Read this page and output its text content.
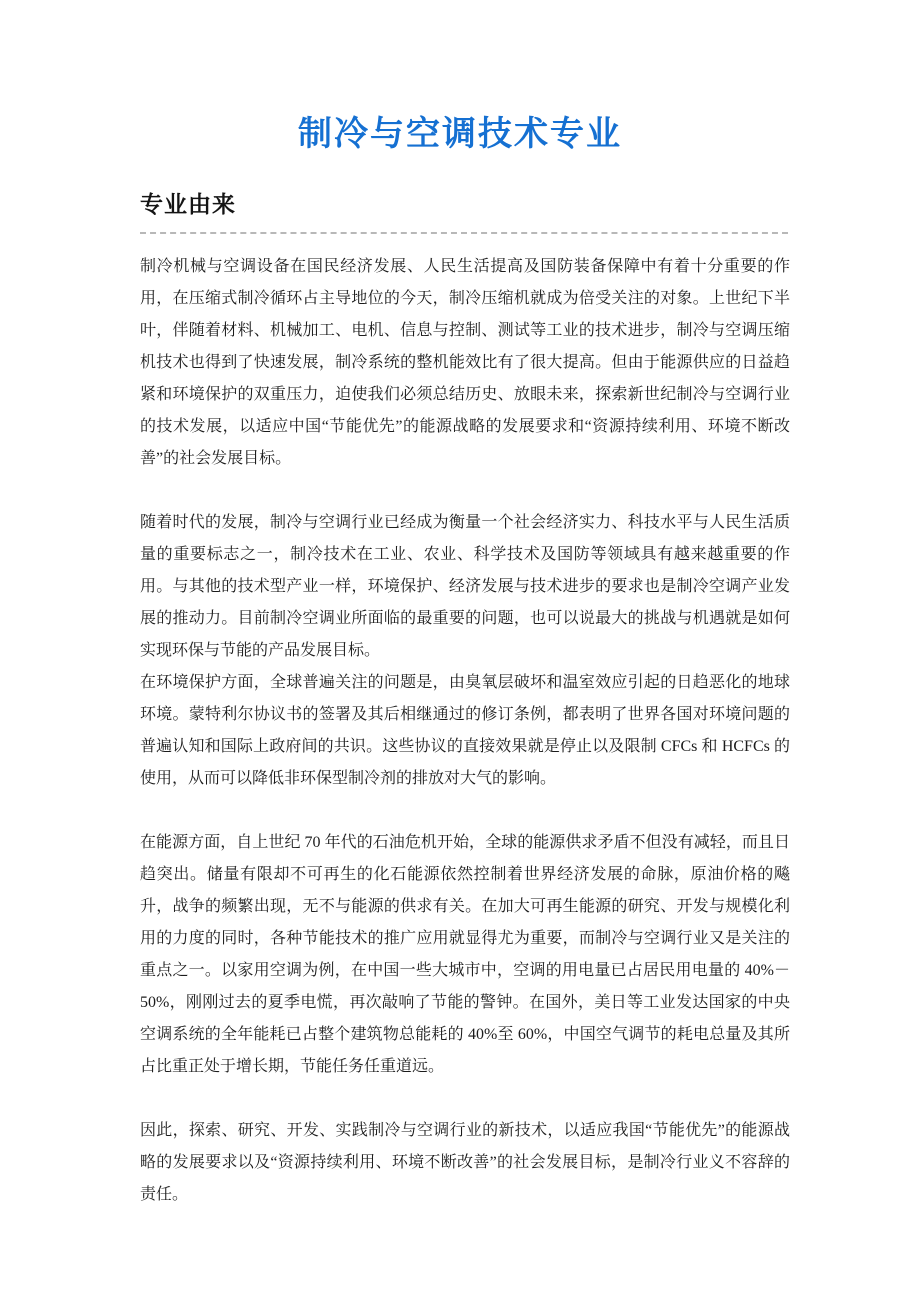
制冷与空调技术专业
专业由来

制冷机械与空调设备在国民经济发展、人民生活提高及国防装备保障中有着十分重要的作用，在压缩式制冷循环占主导地位的今天，制冷压缩机就成为倍受关注的对象。上世纪下半叶，伴随着材料、机械加工、电机、信息与控制、测试等工业的技术进步，制冷与空调压缩机技术也得到了快速发展，制冷系统的整机能效比有了很大提高。但由于能源供应的日益趋紧和环境保护的双重压力，迫使我们必须总结历史、放眼未来，探索新世纪制冷与空调行业的技术发展，以适应中国“节能优先”的能源战略的发展要求和“资源持续利用、环境不断改善”的社会发展目标。

随着时代的发展，制冷与空调行业已经成为衡量一个社会经济实力、科技水平与人民生活质量的重要标志之一，制冷技术在工业、农业、科学技术及国防等领域具有越来越重要的作用。与其他的技术型产业一样，环境保护、经济发展与技术进步的要求也是制冷空调产业发展的推动力。目前制冷空调业所面临的最重要的问题，也可以说最大的挑战与机遇就是如何实现环保与节能的产品发展目标。

在环境保护方面，全球普遍关注的问题是，由臭氧层破坏和温室效应引起的日趋恶化的地球环境。蒙特利尔协议书的签署及其后相继通过的修订条例，都表明了世界各国对环境问题的普遍认知和国际上政府间的共识。这些协议的直接效果就是停止以及限制 CFCs 和 HCFCs 的使用，从而可以降低非环保型制冷剂的排放对大气的影响。

在能源方面，自上世纪 70 年代的石油危机开始，全球的能源供求矛盾不但没有减轻，而且日趋突出。储量有限却不可再生的化石能源依然控制着世界经济发展的命脉，原油价格的飚升，战争的频繁出现，无不与能源的供求有关。在加大可再生能源的研究、开发与规模化利用的力度的同时，各种节能技术的推广应用就显得尤为重要，而制冷与空调行业又是关注的重点之一。以家用空调为例，在中国一些大城市中，空调的用电量已占居民用电量的 40%－50%，刚刚过去的夏季电慌，再次敲响了节能的警钟。在国外，美日等工业发达国家的中央空调系统的全年能耗已占整个建筑物总能耗的 40%至 60%，中国空气调节的耗电总量及其所占比重正处于增长期，节能任务任重道远。

因此，探索、研究、开发、实践制冷与空调行业的新技术，以适应我国“节能优先”的能源战略的发展要求以及“资源持续利用、环境不断改善”的社会发展目标，是制冷行业义不容辞的责任。
